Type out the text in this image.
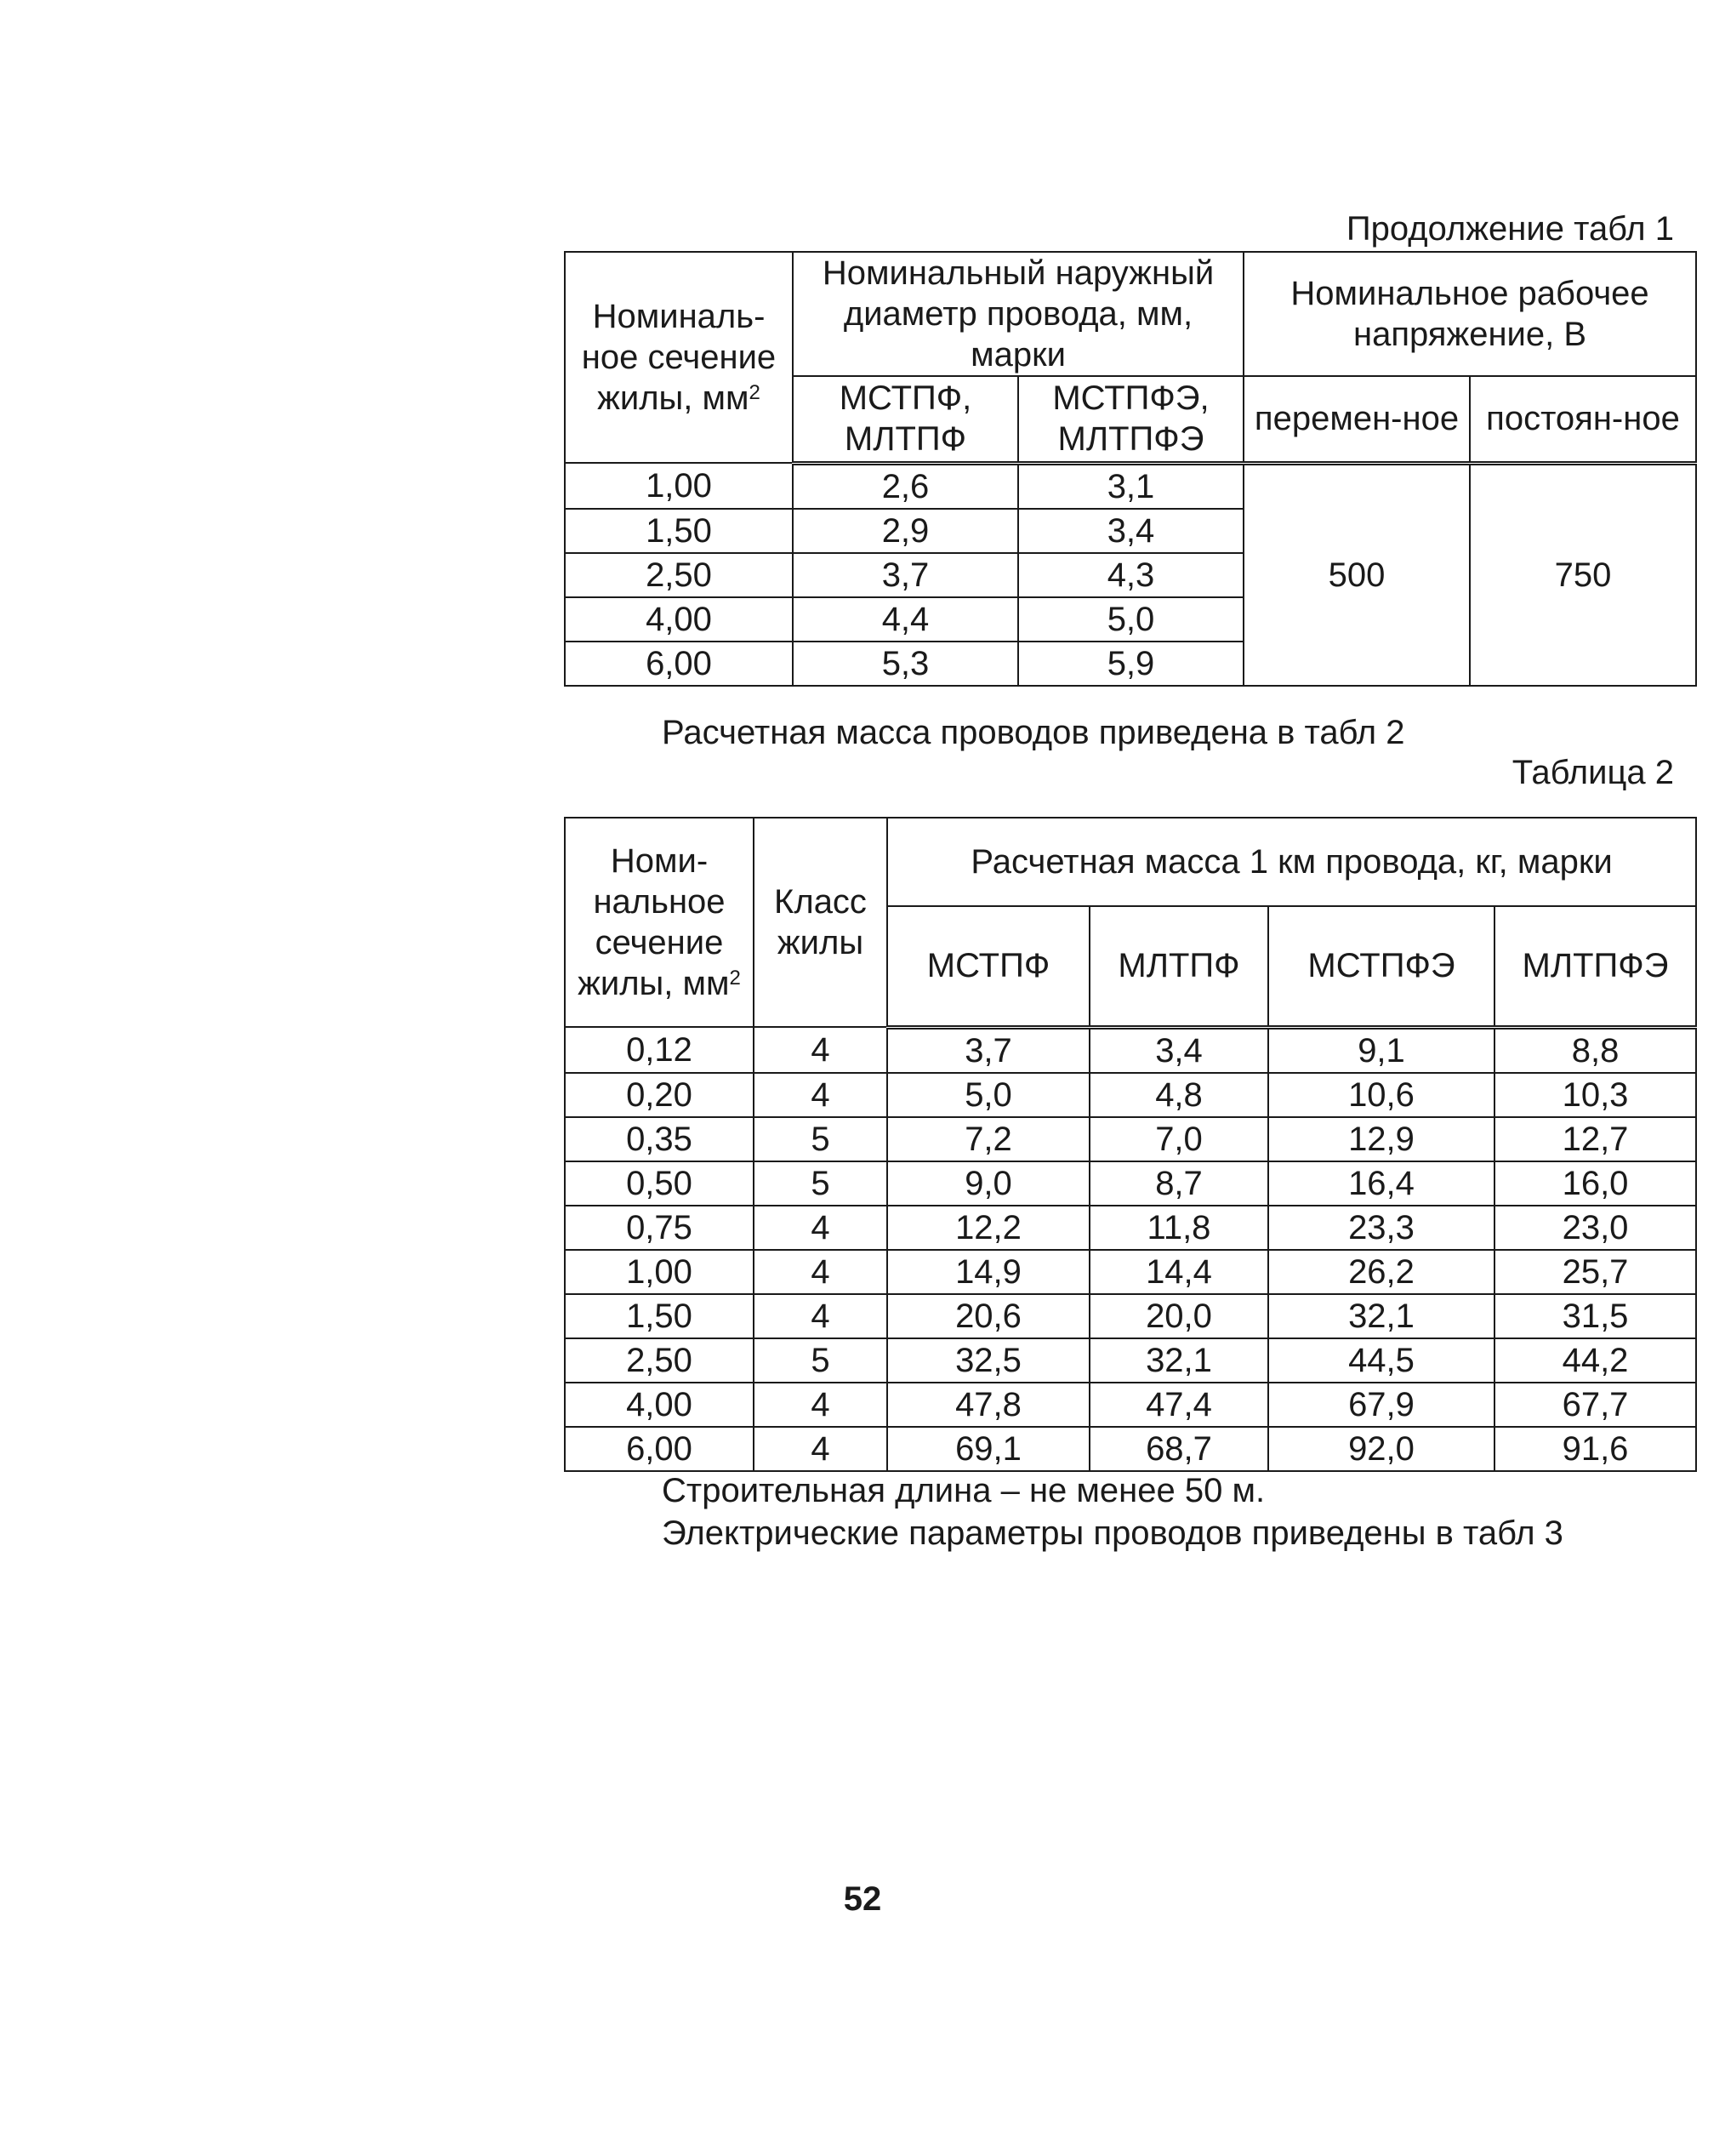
Продолжение табл 1
Номиналь-ное сечение жилы, $мм^2$	Номинальный наружный диаметр провода, мм, марки		Номинальное рабочее напряжение, В	
	МСТПФ, МЛТПФ	МСТПФЭ, МЛТПФЭ	перемен-ное	постоян-ное
1,00	2,6	3,1	500	750
1,50	2,9	3,4		
2,50	3,7	4,3		
4,00	4,4	5,0		
6,00	5,3	5,9		
Расчетная масса проводов приведена в табл 2
Таблица 2
Номи-нальное сечение жилы, $мм^2$	Класс жилы	Расчетная масса 1 км провода, кг, марки			
		МСТПФ	МЛТПФ	МСТПФЭ	МЛТПФЭ
0,12	4	3,7	3,4	9,1	8,8
0,20	4	5,0	4,8	10,6	10,3
0,35	5	7,2	7,0	12,9	12,7
0,50	5	9,0	8,7	16,4	16,0
0,75	4	12,2	11,8	23,3	23,0
1,00	4	14,9	14,4	26,2	25,7
1,50	4	20,6	20,0	32,1	31,5
2,50	5	32,5	32,1	44,5	44,2
4,00	4	47,8	47,4	67,9	67,7
6,00	4	69,1	68,7	92,0	91,6
Строительная длина – не менее 50 м.
Электрические параметры проводов приведены в табл 3
52
